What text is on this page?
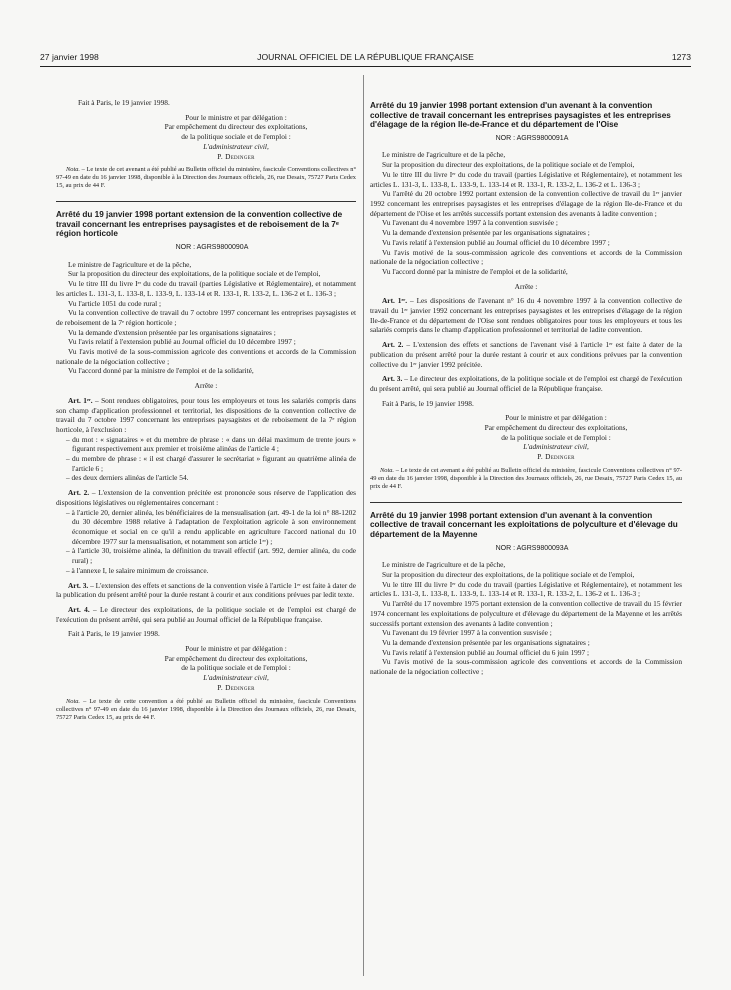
27 janvier 1998	JOURNAL OFFICIEL DE LA RÉPUBLIQUE FRANÇAISE	1273

Fait à Paris, le 19 janvier 1998.

Pour le ministre et par délégation :

Par empêchement du directeur des exploitations,

de la politique sociale et de l'emploi :

L'administrateur civil,

P. Dedinger

Nota. – Le texte de cet avenant a été publié au Bulletin officiel du ministère, fascicule Conventions collectives n° 97-49 en date du 16 janvier 1998, disponible à la Direction des Journaux officiels, 26, rue Desaix, 75727 Paris Cedex 15, au prix de 44 F.

Arrêté du 19 janvier 1998 portant extension de la convention collective de travail concernant les entreprises paysagistes et de reboisement de la 7ᵉ région horticole

NOR : AGRS9800090A

Le ministre de l'agriculture et de la pêche,

Sur la proposition du directeur des exploitations, de la politique sociale et de l'emploi,

Vu le titre III du livre Iᵉʳ du code du travail (parties Législative et Réglementaire), et notamment les articles L. 131-3, L. 133-8, L. 133-9, L. 133-14 et R. 133-1, R. 133-2, L. 136-2 et L. 136-3 ;

Vu l'article 1051 du code rural ;

Vu la convention collective de travail du 7 octobre 1997 concernant les entreprises paysagistes et de reboisement de la 7ᵉ région horticole ;

Vu la demande d'extension présentée par les organisations signataires ;

Vu l'avis relatif à l'extension publié au Journal officiel du 10 décembre 1997 ;

Vu l'avis motivé de la sous-commission agricole des conventions et accords de la Commission nationale de la négociation collective ;

Vu l'accord donné par la ministre de l'emploi et de la solidarité,

Arrête :

Art. 1ᵉʳ. – Sont rendues obligatoires, pour tous les employeurs et tous les salariés compris dans son champ d'application professionnel et territorial, les dispositions de la convention collective de travail du 7 octobre 1997 concernant les entreprises paysagistes et de reboisement de la 7ᵉ région horticole, à l'exclusion :

– du mot : « signataires » et du membre de phrase : « dans un délai maximum de trente jours » figurant respectivement aux premier et troisième alinéas de l'article 4 ;

– du membre de phrase : « il est chargé d'assurer le secrétariat » figurant au quatrième alinéa de l'article 6 ;

– des deux derniers alinéas de l'article 54.

Art. 2. – L'extension de la convention précitée est prononcée sous réserve de l'application des dispositions législatives ou réglementaires concernant :

– à l'article 20, dernier alinéa, les bénéficiaires de la mensualisation (art. 49-1 de la loi n° 88-1202 du 30 décembre 1988 relative à l'adaptation de l'exploitation agricole à son environnement économique et social en ce qu'il a rendu applicable en agriculture l'accord national du 10 décembre 1977 sur la mensualisation, et notamment son article 1ᵉʳ) ;

– à l'article 30, troisième alinéa, la définition du travail effectif (art. 992, dernier alinéa, du code rural) ;

– à l'annexe I, le salaire minimum de croissance.

Art. 3. – L'extension des effets et sanctions de la convention visée à l'article 1ᵉʳ est faite à dater de la publication du présent arrêté pour la durée restant à courir et aux conditions prévues par ledit texte.

Art. 4. – Le directeur des exploitations, de la politique sociale et de l'emploi est chargé de l'exécution du présent arrêté, qui sera publié au Journal officiel de la République française.

Fait à Paris, le 19 janvier 1998.

Pour le ministre et par délégation :

Par empêchement du directeur des exploitations,

de la politique sociale et de l'emploi :

L'administrateur civil,

P. Dedinger

Nota. – Le texte de cette convention a été publié au Bulletin officiel du ministère, fascicule Conventions collectives n° 97-49 en date du 16 janvier 1998, disponible à la Direction des Journaux officiels, 26, rue Desaix, 75727 Paris Cedex 15, au prix de 44 F.

Arrêté du 19 janvier 1998 portant extension d'un avenant à la convention collective de travail concernant les entreprises paysagistes et les entreprises d'élagage de la région Ile-de-France et du département de l'Oise

NOR : AGRS9800091A

Le ministre de l'agriculture et de la pêche,

Sur la proposition du directeur des exploitations, de la politique sociale et de l'emploi,

Vu le titre III du livre Iᵉʳ du code du travail (parties Législative et Réglementaire), et notamment les articles L. 131-3, L. 133-8, L. 133-9, L. 133-14 et R. 133-1, R. 133-2, L. 136-2 et L. 136-3 ;

Vu l'arrêté du 20 octobre 1992 portant extension de la convention collective de travail du 1ᵉʳ janvier 1992 concernant les entreprises paysagistes et les entreprises d'élagage de la région Ile-de-France et du département de l'Oise et les arrêtés successifs portant extension des avenants à ladite convention ;

Vu l'avenant du 4 novembre 1997 à la convention susvisée ;

Vu la demande d'extension présentée par les organisations signataires ;

Vu l'avis relatif à l'extension publié au Journal officiel du 10 décembre 1997 ;

Vu l'avis motivé de la sous-commission agricole des conventions et accords de la Commission nationale de la négociation collective ;

Vu l'accord donné par la ministre de l'emploi et de la solidarité,

Arrête :

Art. 1ᵉʳ. – Les dispositions de l'avenant n° 16 du 4 novembre 1997 à la convention collective de travail du 1ᵉʳ janvier 1992 concernant les entreprises paysagistes et les entreprises d'élagage de la région Ile-de-France et du département de l'Oise sont rendues obligatoires pour tous les employeurs et tous les salariés compris dans le champ d'application professionnel et territorial de ladite convention.

Art. 2. – L'extension des effets et sanctions de l'avenant visé à l'article 1ᵉʳ est faite à dater de la publication du présent arrêté pour la durée restant à courir et aux conditions prévues par la convention collective du 1ᵉʳ janvier 1992 précitée.

Art. 3. – Le directeur des exploitations, de la politique sociale et de l'emploi est chargé de l'exécution du présent arrêté, qui sera publié au Journal officiel de la République française.

Fait à Paris, le 19 janvier 1998.

Pour le ministre et par délégation :

Par empêchement du directeur des exploitations,

de la politique sociale et de l'emploi :

L'administrateur civil,

P. Dedinger

Nota. – Le texte de cet avenant a été publié au Bulletin officiel du ministère, fascicule Conventions collectives n° 97-49 en date du 16 janvier 1998, disponible à la Direction des Journaux officiels, 26, rue Desaix, 75727 Paris Cedex 15, au prix de 44 F.

Arrêté du 19 janvier 1998 portant extension d'un avenant à la convention collective de travail concernant les exploitations de polyculture et d'élevage du département de la Mayenne

NOR : AGRS9800093A

Le ministre de l'agriculture et de la pêche,

Sur la proposition du directeur des exploitations, de la politique sociale et de l'emploi,

Vu le titre III du livre Iᵉʳ du code du travail (parties Législative et Réglementaire), et notamment les articles L. 131-3, L. 133-8, L. 133-9, L. 133-14 et R. 133-1, R. 133-2, L. 136-2 et L. 136-3 ;

Vu l'arrêté du 17 novembre 1975 portant extension de la convention collective de travail du 15 février 1974 concernant les exploitations de polyculture et d'élevage du département de la Mayenne et les arrêtés successifs portant extension des avenants à ladite convention ;

Vu l'avenant du 19 février 1997 à la convention susvisée ;

Vu la demande d'extension présentée par les organisations signataires ;

Vu l'avis relatif à l'extension publié au Journal officiel du 6 juin 1997 ;

Vu l'avis motivé de la sous-commission agricole des conventions et accords de la Commission nationale de la négociation collective ;
